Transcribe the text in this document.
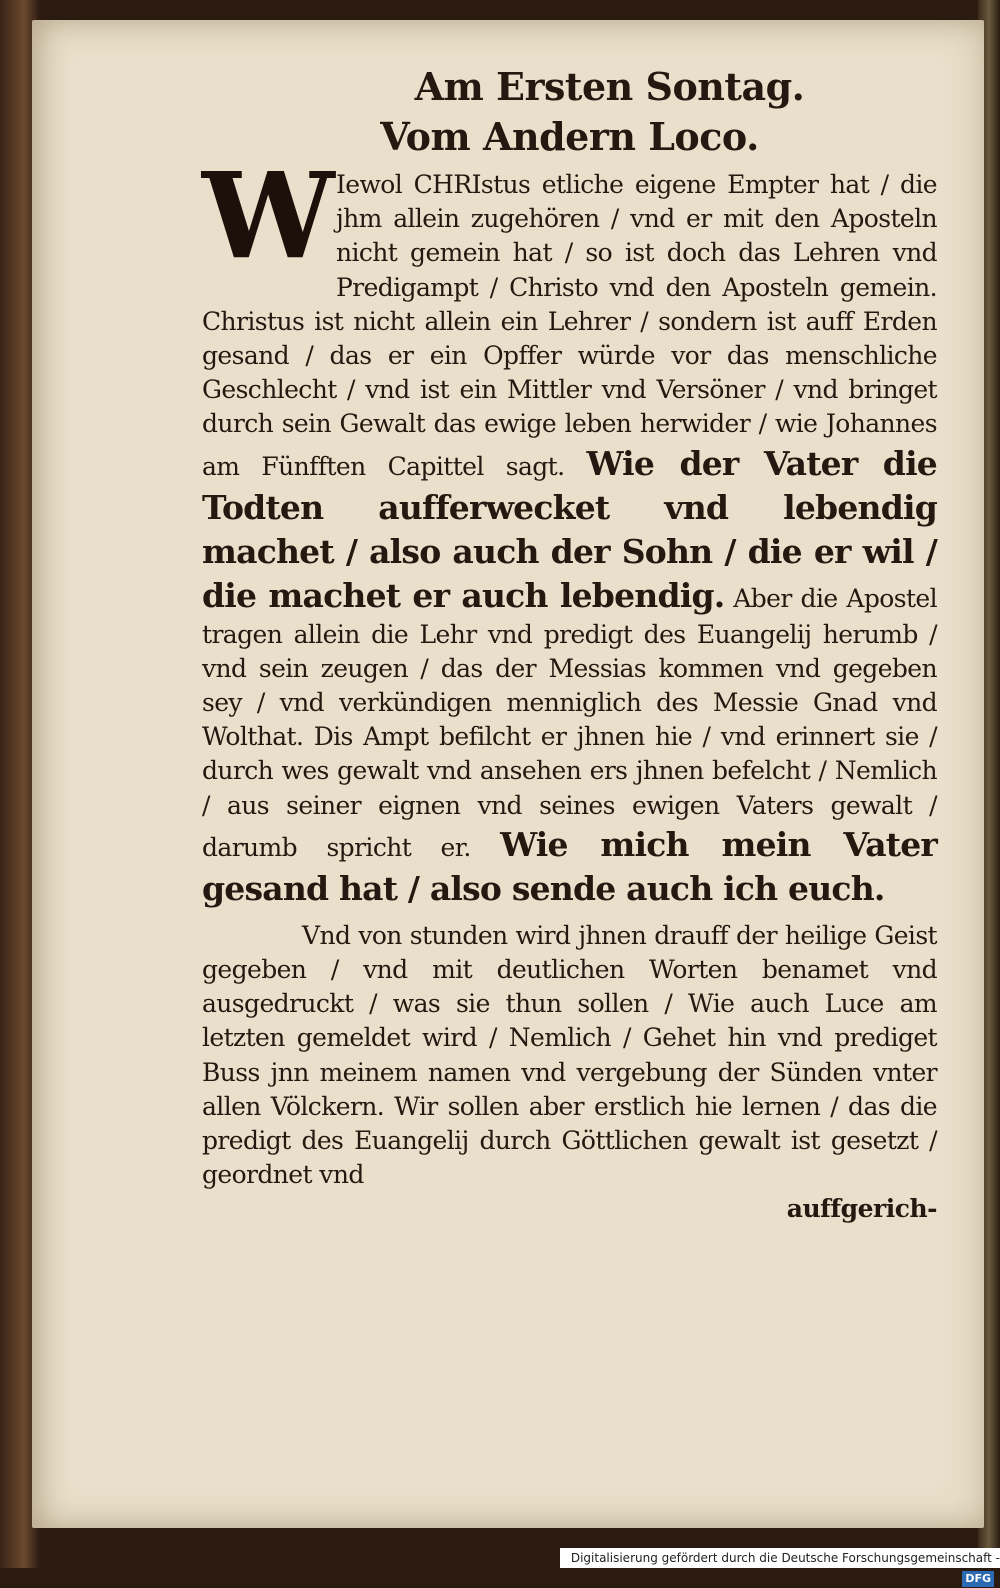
Am Ersten Sontag.
Vom Andern Loco.

W Iewol CHRIstus etliche eigene Empter hat / die jhm allein zugehören / vnd er mit den Aposteln nicht gemein hat / so ist doch das Lehren vnd Predigampt / Christo vnd den Aposteln gemein. Christus ist nicht allein ein Lehrer / sondern ist auff Erden gesand / das er ein Opffer würde vor das menschliche Geschlecht / vnd ist ein Mittler vnd Versöner / vnd bringet durch sein Gewalt das ewige leben herwider / wie Johannes am Fünfften Capittel sagt. Wie der Vater die Todten aufferwecket vnd lebendig machet / also auch der Sohn / die er wil / die machet er auch lebendig. Aber die Apostel tragen allein die Lehr vnd predigt des Euangelij herumb / vnd sein zeugen / das der Messias kommen vnd gegeben sey / vnd verkündigen menniglich des Messie Gnad vnd Wolthat. Dis Ampt befilcht er jhnen hie / vnd erinnert sie / durch wes gewalt vnd ansehen ers jhnen befelcht / Nemlich / aus seiner eignen vnd seines ewigen Vaters gewalt / darumb spricht er. Wie mich mein Vater gesand hat / also sende auch ich euch.

Vnd von stunden wird jhnen drauff der heilige Geist gegeben / vnd mit deutlichen Worten benamet vnd ausgedruckt / was sie thun sollen / Wie auch Luce am letzten gemeldet wird / Nemlich / Gehet hin vnd prediget Buss jnn meinem namen vnd vergebung der Sünden vnter allen Völckern. Wir sollen aber erstlich hie lernen / das die predigt des Euangelij durch Göttlichen gewalt ist gesetzt / geordnet vnd

auffgerich-
Digitalisierung gefördert durch die Deutsche Forschungsgemeinschaft -DFG
